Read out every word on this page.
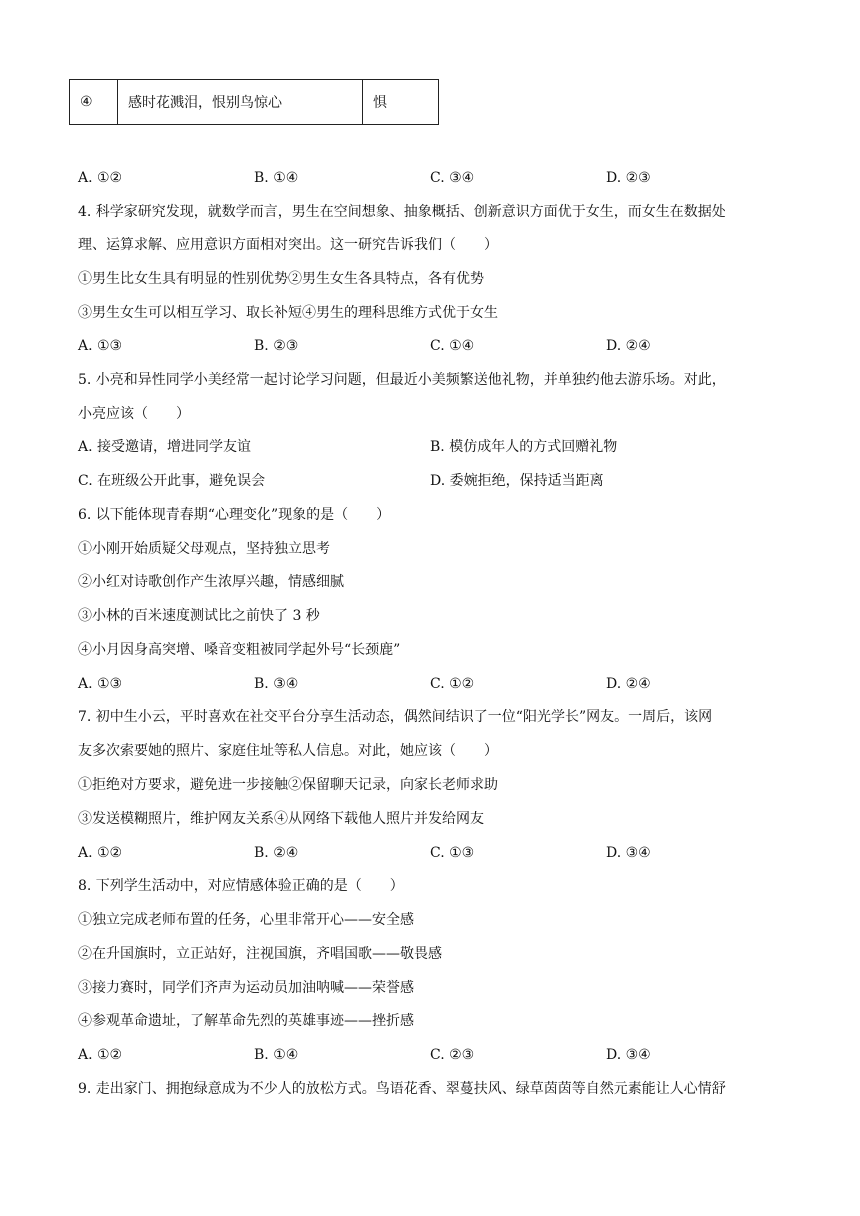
④	感时花溅泪，恨别鸟惊心	惧
A. ①②	B. ①④	C. ③④	D. ②③
4. 科学家研究发现，就数学而言，男生在空间想象、抽象概括、创新意识方面优于女生，而女生在数据处
理、运算求解、应用意识方面相对突出。这一研究告诉我们（　　）
①男生比女生具有明显的性别优势②男生女生各具特点，各有优势
③男生女生可以相互学习、取长补短④男生的理科思维方式优于女生
A. ①③	B. ②③	C. ①④	D. ②④
5. 小亮和异性同学小美经常一起讨论学习问题，但最近小美频繁送他礼物，并单独约他去游乐场。对此，
小亮应该（　　）
A. 接受邀请，增进同学友谊	B. 模仿成年人的方式回赠礼物
C. 在班级公开此事，避免误会	D. 委婉拒绝，保持适当距离
6. 以下能体现青春期“心理变化”现象的是（　　）
①小刚开始质疑父母观点，坚持独立思考
②小红对诗歌创作产生浓厚兴趣，情感细腻
③小林的百米速度测试比之前快了 3 秒
④小月因身高突增、嗓音变粗被同学起外号“长颈鹿”
A. ①③	B. ③④	C. ①②	D. ②④
7. 初中生小云，平时喜欢在社交平台分享生活动态，偶然间结识了一位“阳光学长”网友。一周后，该网
友多次索要她的照片、家庭住址等私人信息。对此，她应该（　　）
①拒绝对方要求，避免进一步接触②保留聊天记录，向家长老师求助
③发送模糊照片，维护网友关系④从网络下载他人照片并发给网友
A. ①②	B. ②④	C. ①③	D. ③④
8. 下列学生活动中，对应情感体验正确的是（　　）
①独立完成老师布置的任务，心里非常开心——安全感
②在升国旗时，立正站好，注视国旗，齐唱国歌——敬畏感
③接力赛时，同学们齐声为运动员加油呐喊——荣誉感
④参观革命遗址，了解革命先烈的英雄事迹——挫折感
A. ①②	B. ①④	C. ②③	D. ③④
9. 走出家门、拥抱绿意成为不少人的放松方式。鸟语花香、翠蔓扶风、绿草茵茵等自然元素能让人心情舒
